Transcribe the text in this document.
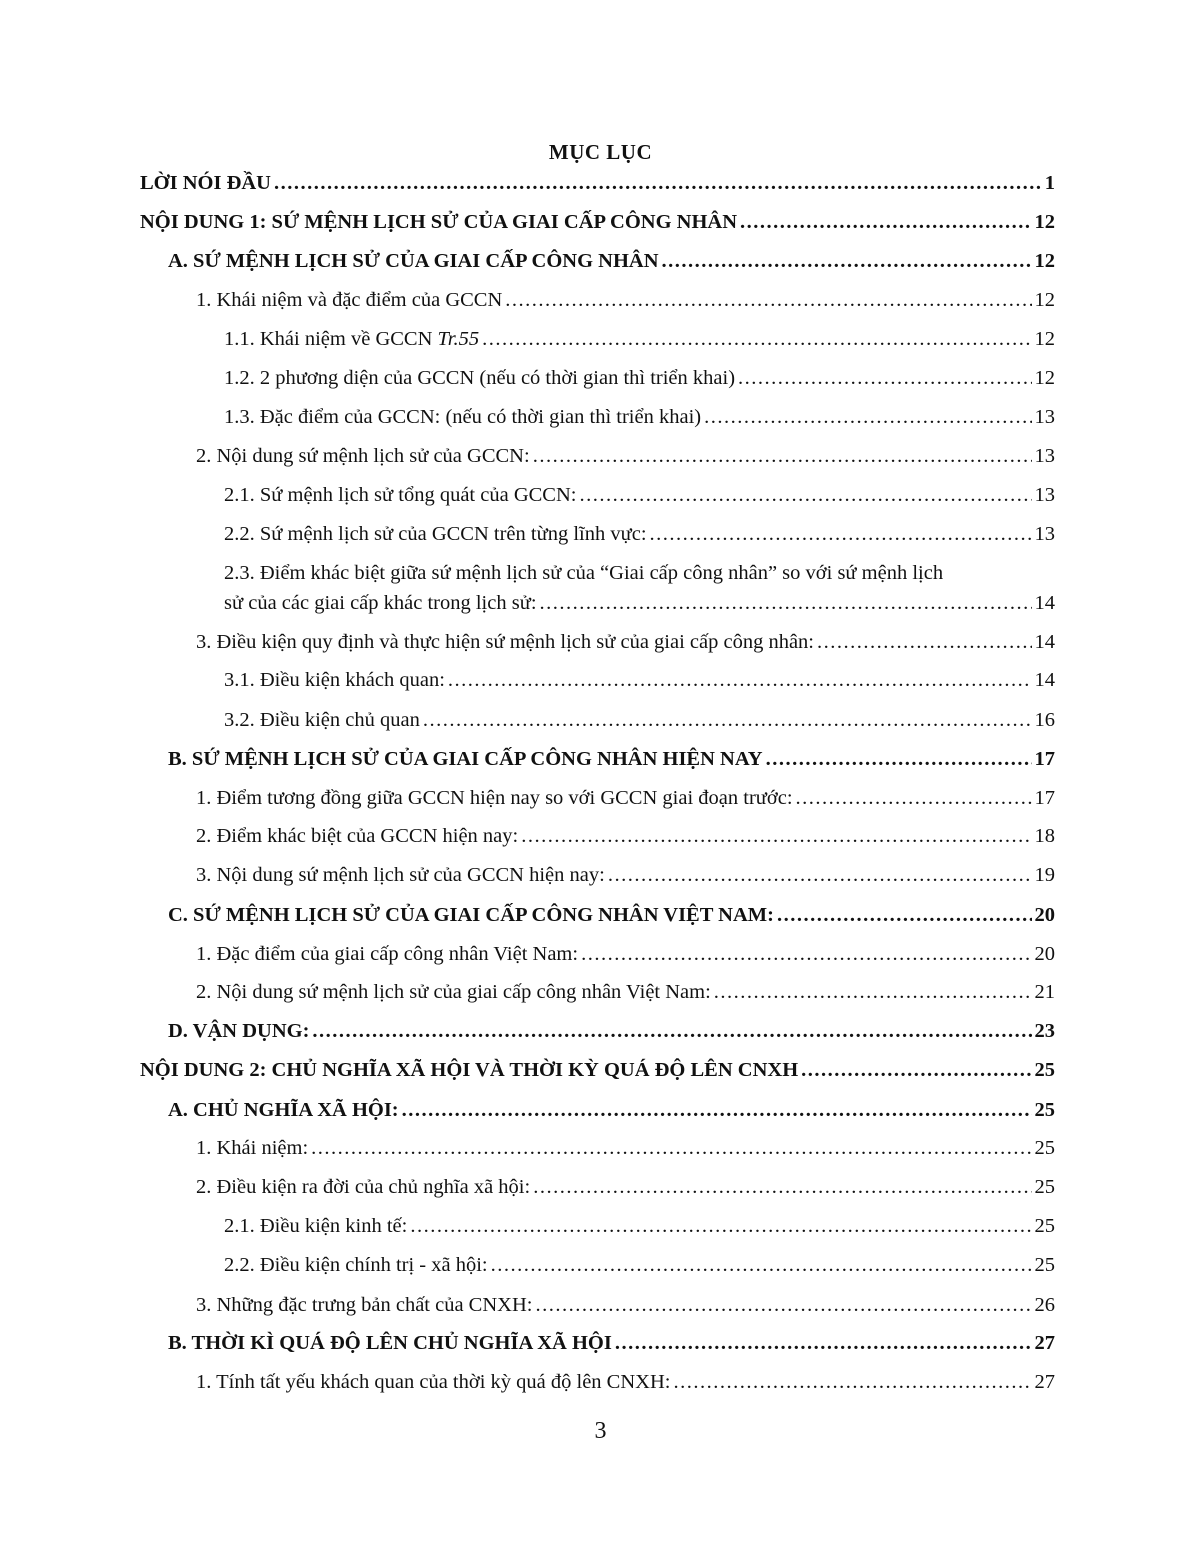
MỤC LỤC
LỜI NÓI ĐẦU .....	1
NỘI DUNG 1: SỨ MỆNH LỊCH SỬ CỦA GIAI CẤP CÔNG NHÂN .....	12
A. SỨ MỆNH LỊCH SỬ CỦA GIAI CẤP CÔNG NHÂN .....	12
1. Khái niệm và đặc điểm của GCCN .....	12
1.1. Khái niệm về GCCN Tr.55 .....	12
1.2. 2 phương diện của GCCN (nếu có thời gian thì triển khai) .....	12
1.3. Đặc điểm của GCCN: (nếu có thời gian thì triển khai) .....	13
2. Nội dung sứ mệnh lịch sử của GCCN: .....	13
2.1. Sứ mệnh lịch sử tổng quát của GCCN: .....	13
2.2. Sứ mệnh lịch sử của GCCN trên từng lĩnh vực: .....	13
2.3. Điểm khác biệt giữa sứ mệnh lịch sử của “Giai cấp công nhân” so với sứ mệnh lịch
sử của các giai cấp khác trong lịch sử: .....	14
3. Điều kiện quy định và thực hiện sứ mệnh lịch sử của giai cấp công nhân: .....	14
3.1. Điều kiện khách quan: .....	14
3.2. Điều kiện chủ quan .....	16
B. SỨ MỆNH LỊCH SỬ CỦA GIAI CẤP CÔNG NHÂN HIỆN NAY .....	17
1. Điểm tương đồng giữa GCCN hiện nay so với GCCN giai đoạn trước: .....	17
2. Điểm khác biệt của GCCN hiện nay: .....	18
3. Nội dung sứ mệnh lịch sử của GCCN hiện nay: .....	19
C. SỨ MỆNH LỊCH SỬ CỦA GIAI CẤP CÔNG NHÂN VIỆT NAM: .....	20
1. Đặc điểm của giai cấp công nhân Việt Nam: .....	20
2. Nội dung sứ mệnh lịch sử của giai cấp công nhân Việt Nam: .....	21
D. VẬN DỤNG: .....	23
NỘI DUNG 2: CHỦ NGHĨA XÃ HỘI VÀ THỜI KỲ QUÁ ĐỘ LÊN CNXH .....	25
A. CHỦ NGHĨA XÃ HỘI: .....	25
1. Khái niệm: .....	25
2. Điều kiện ra đời của chủ nghĩa xã hội: .....	25
2.1. Điều kiện kinh tế: .....	25
2.2. Điều kiện chính trị - xã hội: .....	25
3. Những đặc trưng bản chất của CNXH: .....	26
B. THỜI KÌ QUÁ ĐỘ LÊN CHỦ NGHĨA XÃ HỘI .....	27
1. Tính tất yếu khách quan của thời kỳ quá độ lên CNXH: .....	27
3
